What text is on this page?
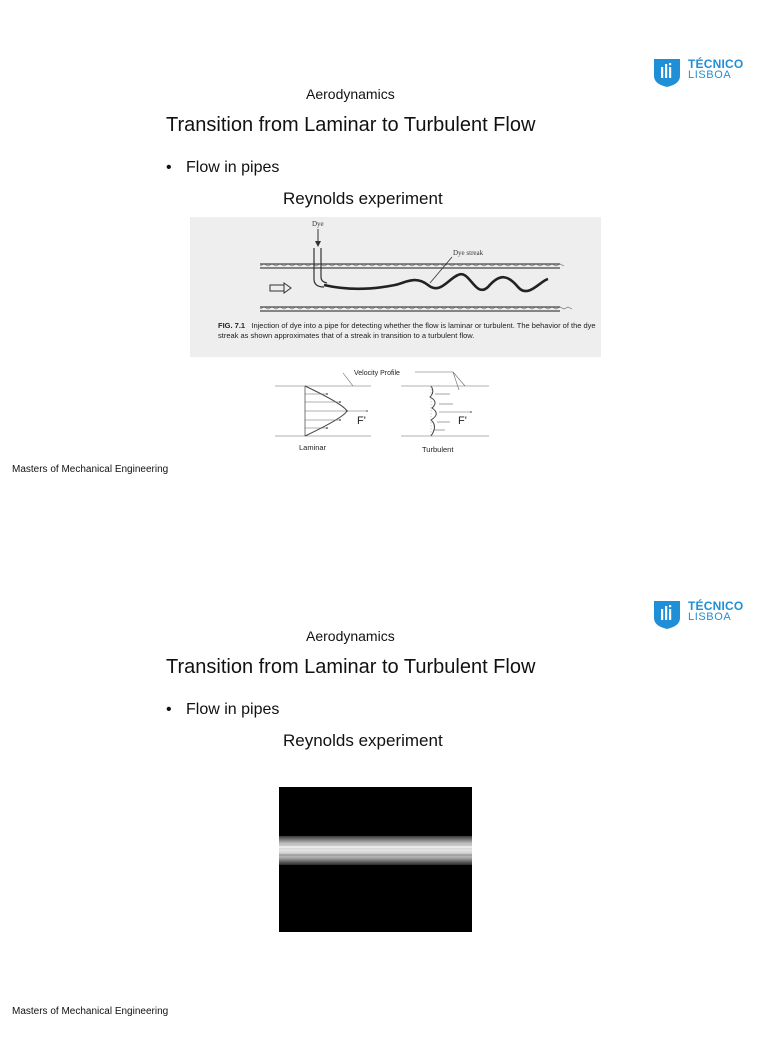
TÉCNICO
LISBOA
Aerodynamics
Transition from Laminar to Turbulent Flow
• Flow in pipes
Reynolds experiment
Dye
Dye streak
FIG. 7.1 Injection of dye into a pipe for detecting whether the flow is laminar or turbulent. The behavior of the dye streak as shown approximates that of a streak in transition to a turbulent flow.
Velocity Profile
F'	F'
Laminar	Turbulent
Masters of Mechanical Engineering
TÉCNICO
LISBOA
Aerodynamics
Transition from Laminar to Turbulent Flow
• Flow in pipes
Reynolds experiment
Masters of Mechanical Engineering
